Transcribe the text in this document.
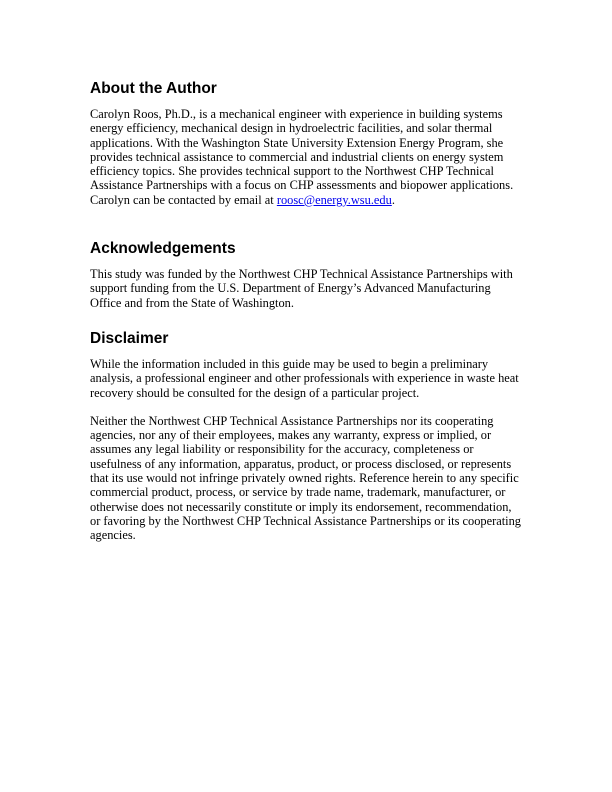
About the Author

Carolyn Roos, Ph.D., is a mechanical engineer with experience in building systems energy efficiency, mechanical design in hydroelectric facilities, and solar thermal applications. With the Washington State University Extension Energy Program, she provides technical assistance to commercial and industrial clients on energy system efficiency topics. She provides technical support to the Northwest CHP Technical Assistance Partnerships with a focus on CHP assessments and biopower applications. Carolyn can be contacted by email at roosc@energy.wsu.edu.

Acknowledgements

This study was funded by the Northwest CHP Technical Assistance Partnerships with support funding from the U.S. Department of Energy’s Advanced Manufacturing Office and from the State of Washington.

Disclaimer

While the information included in this guide may be used to begin a preliminary analysis, a professional engineer and other professionals with experience in waste heat recovery should be consulted for the design of a particular project.

Neither the Northwest CHP Technical Assistance Partnerships nor its cooperating agencies, nor any of their employees, makes any warranty, express or implied, or assumes any legal liability or responsibility for the accuracy, completeness or usefulness of any information, apparatus, product, or process disclosed, or represents that its use would not infringe privately owned rights. Reference herein to any specific commercial product, process, or service by trade name, trademark, manufacturer, or otherwise does not necessarily constitute or imply its endorsement, recommendation, or favoring by the Northwest CHP Technical Assistance Partnerships or its cooperating agencies.
